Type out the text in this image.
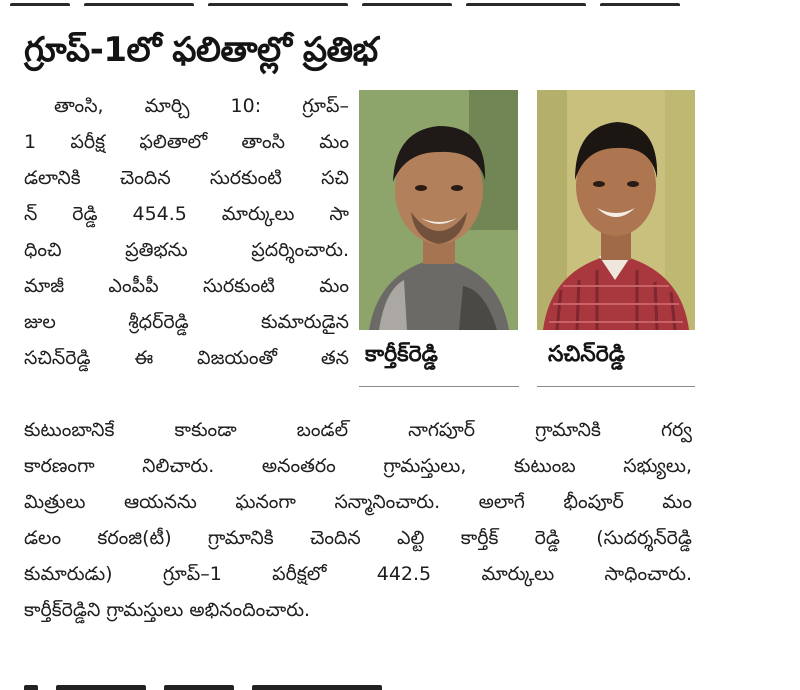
గ్రూప్-1లో ఫలితాల్లో ప్రతిభ
తాంసి, మార్చి 10: గ్రూప్–
1 పరీక్ష ఫలితాలో తాంసి మం
డలానికి చెందిన సురకుంటి సచి
న్ రెడ్డి 454.5 మార్కులు సా
ధించి ప్రతిభను ప్రదర్శించారు.
మాజీ ఎంపీపీ సురకుంటి మం
జుల శ్రీధర్‌రెడ్డి కుమారుడైన
సచిన్‌రెడ్డి ఈ విజయంతో తన కార్తీక్‌రెడ్డి	సచిన్‌రెడ్డి
కుటుంబానికే కాకుండా బండల్ నాగపూర్ గ్రామానికి గర్వ
కారణంగా నిలిచారు. అనంతరం గ్రామస్తులు, కుటుంబ సభ్యులు,
మిత్రులు ఆయనను ఘనంగా సన్మానించారు. అలాగే భీంపూర్ మం
డలం కరంజి(టీ) గ్రామానికి చెందిన ఎల్టి కార్తీక్ రెడ్డి (సుదర్శన్‌రెడ్డి
కుమారుడు) గ్రూప్–1 పరీక్షలో 442.5 మార్కులు సాధించారు.
కార్తీక్‌రెడ్డిని గ్రామస్తులు అభినందించారు.
